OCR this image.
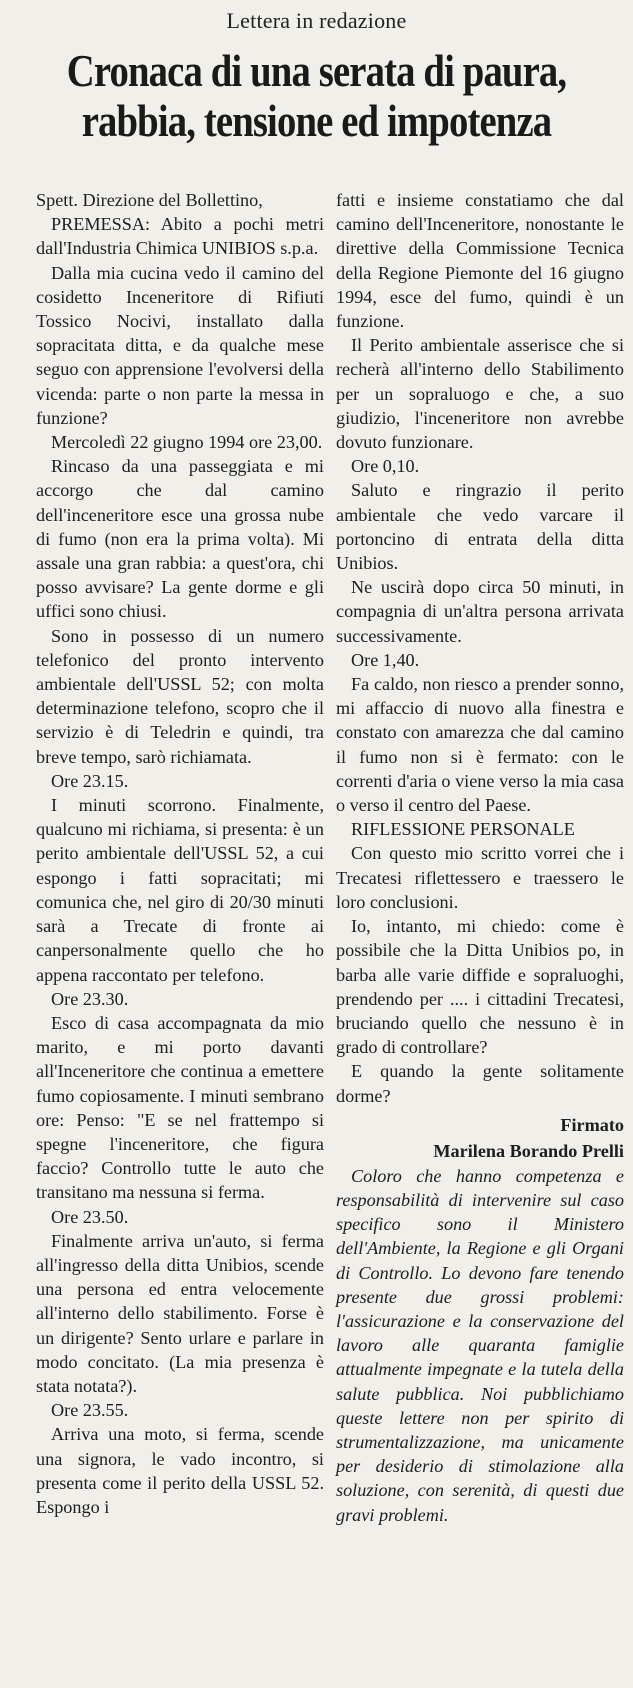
Lettera in redazione
Cronaca di una serata di paura,
rabbia, tensione ed impotenza

Spett. Direzione del Bollettino,

PREMESSA: Abito a pochi metri dall'Industria Chimica UNIBIOS s.p.a.

Dalla mia cucina vedo il camino del cosidetto Inceneritore di Rifiuti Tossico Nocivi, installato dalla sopracitata ditta, e da qualche mese seguo con apprensione l'evolversi della vicenda: parte o non parte la messa in funzione?

Mercoledì 22 giugno 1994 ore 23,00.

Rincaso da una passeggiata e mi accorgo che dal camino dell'inceneritore esce una grossa nube di fumo (non era la prima volta). Mi assale una gran rabbia: a quest'ora, chi posso avvisare? La gente dorme e gli uffici sono chiusi.

Sono in possesso di un numero telefonico del pronto intervento ambientale dell'USSL 52; con molta determinazione telefono, scopro che il servizio è di Teledrin e quindi, tra breve tempo, sarò richiamata.

Ore 23.15.

I minuti scorrono. Finalmente, qualcuno mi richiama, si presenta: è un perito ambientale dell'USSL 52, a cui espongo i fatti sopracitati; mi comunica che, nel giro di 20/30 minuti sarà a Trecate di fronte ai canpersonalmente quello che ho appena raccontato per telefono.

Ore 23.30.

Esco di casa accompagnata da mio marito, e mi porto davanti all'Inceneritore che continua a emettere fumo copiosamente. I minuti sembrano ore: Penso: "E se nel frattempo si spegne l'inceneritore, che figura faccio? Controllo tutte le auto che transitano ma nessuna si ferma.

Ore 23.50.

Finalmente arriva un'auto, si ferma all'ingresso della ditta Unibios, scende una persona ed entra velocemente all'interno dello stabilimento. Forse è un dirigente? Sento urlare e parlare in modo concitato. (La mia presenza è stata notata?).

Ore 23.55.

Arriva una moto, si ferma, scende una signora, le vado incontro, si presenta come il perito della USSL 52. Espongo i

fatti e insieme constatiamo che dal camino dell'Inceneritore, nonostante le direttive della Commissione Tecnica della Regione Piemonte del 16 giugno 1994, esce del fumo, quindi è un funzione.

Il Perito ambientale asserisce che si recherà all'interno dello Stabilimento per un sopraluogo e che, a suo giudizio, l'inceneritore non avrebbe dovuto funzionare.

Ore 0,10.

Saluto e ringrazio il perito ambientale che vedo varcare il portoncino di entrata della ditta Unibios.

Ne uscirà dopo circa 50 minuti, in compagnia di un'altra persona arrivata successivamente.

Ore 1,40.

Fa caldo, non riesco a prender sonno, mi affaccio di nuovo alla finestra e constato con amarezza che dal camino il fumo non si è fermato: con le correnti d'aria o viene verso la mia casa o verso il centro del Paese.

RIFLESSIONE PERSONALE

Con questo mio scritto vorrei che i Trecatesi riflettessero e traessero le loro conclusioni.

Io, intanto, mi chiedo: come è possibile che la Ditta Unibios po, in barba alle varie diffide e sopraluoghi, prendendo per .... i cittadini Trecatesi, bruciando quello che nessuno è in grado di controllare?

E quando la gente solitamente dorme?

Firmato
Marilena Borando Prelli

Coloro che hanno competenza e responsabilità di intervenire sul caso specifico sono il Ministero dell'Ambiente, la Regione e gli Organi di Controllo. Lo devono fare tenendo presente due grossi problemi: l'assicurazione e la conservazione del lavoro alle quaranta famiglie attualmente impegnate e la tutela della salute pubblica. Noi pubblichiamo queste lettere non per spirito di strumentalizzazione, ma unicamente per desiderio di stimolazione alla soluzione, con serenità, di questi due gravi problemi.
